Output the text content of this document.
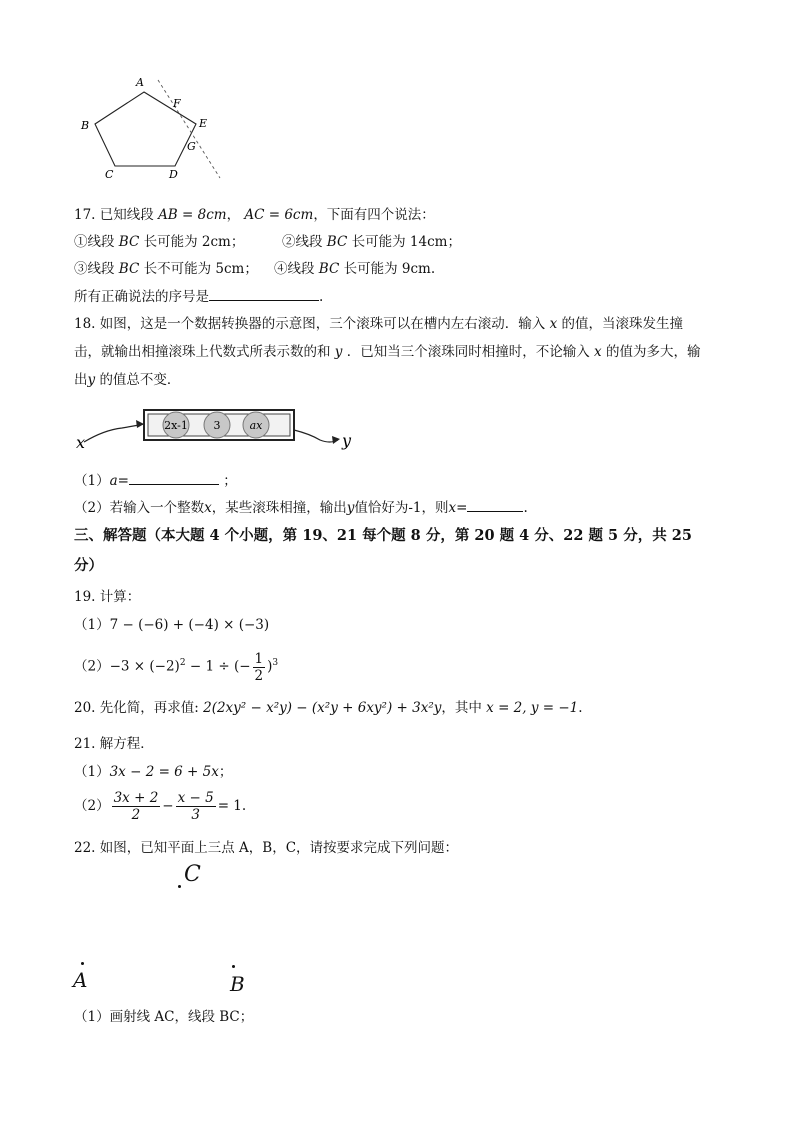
A
B
C	D
E
F
G
17. 已知线段 AB = 8cm， AC = 6cm，下面有四个说法：
①线段 BC 长可能为 2cm；	②线段 BC 长可能为 14cm；
③线段 BC 长不可能为 5cm； ④线段 BC 长可能为 9cm.
所有正确说法的序号是	.
18. 如图，这是一个数据转换器的示意图，三个滚珠可以在槽内左右滚动．输入 x 的值，当滚珠发生撞
击，就输出相撞滚珠上代数式所表示数的和 y ．已知当三个滚珠同时相撞时，不论输入 x 的值为多大，输
出y 的值总不变．
x
2x-1 3	ax
y
（1）a=	；
（2）若输入一个整数x，某些滚珠相撞，输出y值恰好为-1，则x=	.
三、解答题（本大题 4 个小题，第 19、21 每个题 8 分，第 20 题 4 分、22 题 5 分，共 25
分）
19. 计算：
（1）7 − (−6) + (−4) × (−3)
$(2)-3 \times (-2)^2 - 1$ ÷ (− $\frac{1}{2} )^3$
20. 先化简，再求值: 2(2xy² − x²y) − (x²y + 6xy²) + 3x²y，其中 x = 2, y = −1.
21. 解方程．
（1）3x − 2 = 6 + 5x；
$(2) \frac{3x + 2}{2} - \frac{x - 5}{3} = 1$.
22. 如图，已知平面上三点 A，B，C，请按要求完成下列问题：
C
A	B
（1）画射线 AC，线段 BC；
